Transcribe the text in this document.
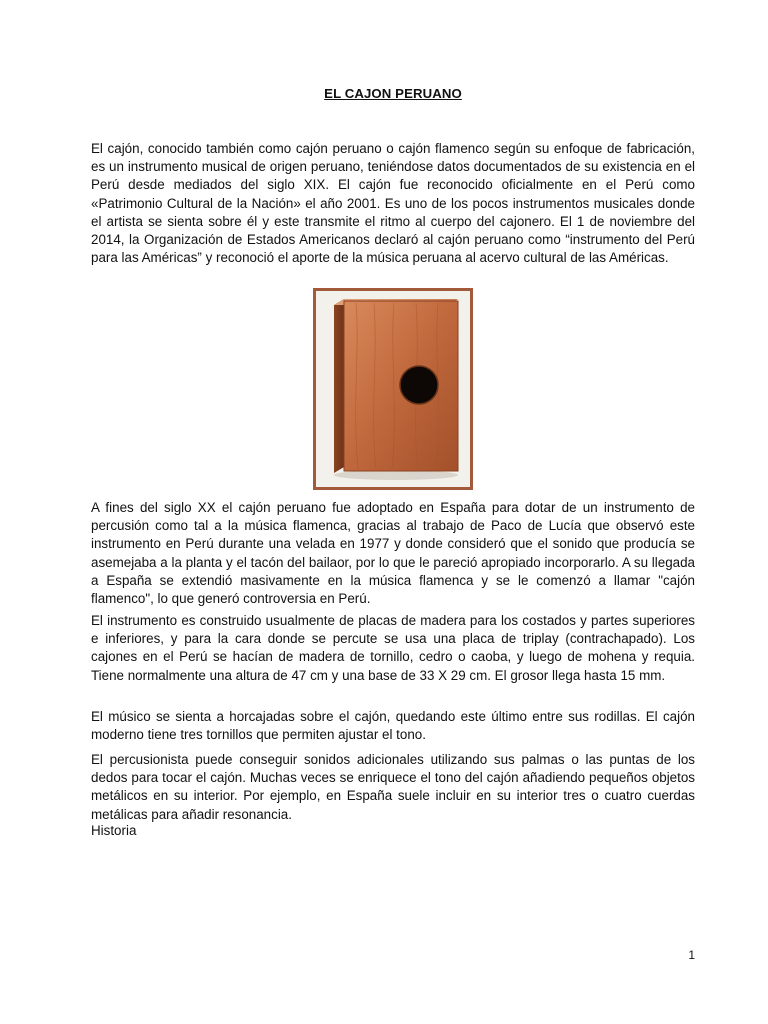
EL CAJON PERUANO

El cajón, conocido también como cajón peruano o cajón flamenco según su enfoque de fabricación, es un instrumento musical de origen peruano, teniéndose datos documentados de su existencia en el Perú desde mediados del siglo XIX. El cajón fue reconocido oficialmente en el Perú como «Patrimonio Cultural de la Nación» el año 2001. Es uno de los pocos instrumentos musicales donde el artista se sienta sobre él y este transmite el ritmo al cuerpo del cajonero. El 1 de noviembre del 2014, la Organización de Estados Americanos declaró al cajón peruano como “instrumento del Perú para las Américas” y reconoció el aporte de la música peruana al acervo cultural de las Américas.

A fines del siglo XX el cajón peruano fue adoptado en España para dotar de un instrumento de percusión como tal a la música flamenca, gracias al trabajo de Paco de Lucía que observó este instrumento en Perú durante una velada en 1977 y donde consideró que el sonido que producía se asemejaba a la planta y el tacón del bailaor, por lo que le pareció apropiado incorporarlo. A su llegada a España se extendió masivamente en la música flamenca y se le comenzó a llamar "cajón flamenco", lo que generó controversia en Perú.

El instrumento es construido usualmente de placas de madera para los costados y partes superiores e inferiores, y para la cara donde se percute se usa una placa de triplay (contrachapado). Los cajones en el Perú se hacían de madera de tornillo, cedro o caoba, y luego de mohena y requia. Tiene normalmente una altura de 47 cm y una base de 33 X 29 cm. El grosor llega hasta 15 mm.

El músico se sienta a horcajadas sobre el cajón, quedando este último entre sus rodillas. El cajón moderno tiene tres tornillos que permiten ajustar el tono.

El percusionista puede conseguir sonidos adicionales utilizando sus palmas o las puntas de los dedos para tocar el cajón. Muchas veces se enriquece el tono del cajón añadiendo pequeños objetos metálicos en su interior. Por ejemplo, en España suele incluir en su interior tres o cuatro cuerdas metálicas para añadir resonancia.

Historia
1
